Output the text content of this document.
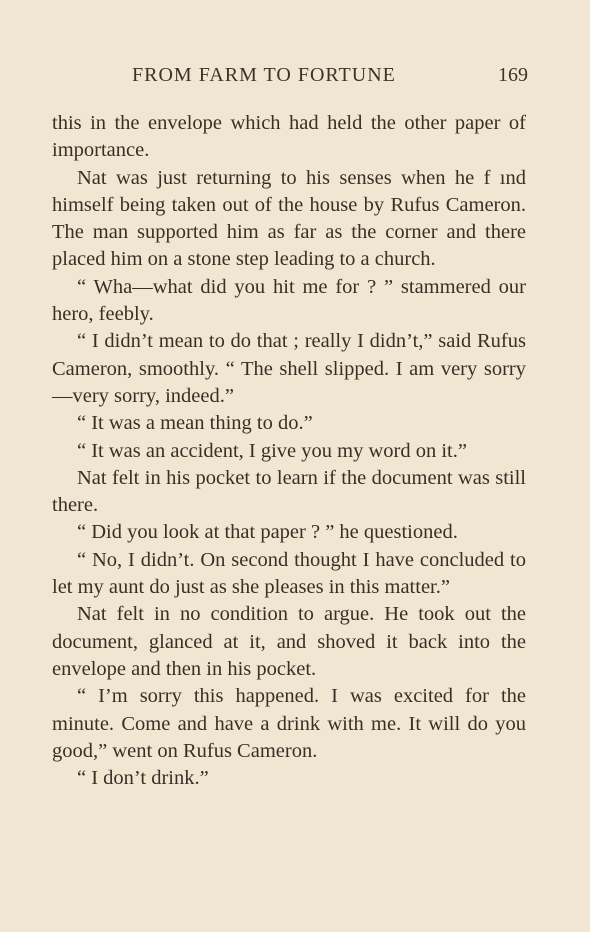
FROM FARM TO FORTUNE	169

this in the envelope which had held the other paper of importance.

Nat was just returning to his senses when he f ınd himself being taken out of the house by Rufus Cameron. The man supported him as far as the corner and there placed him on a stone step leading to a church.

“ Wha—what did you hit me for ? ” stammered our hero, feebly.

“ I didn’t mean to do that ; really I didn’t,” said Rufus Cameron, smoothly. “ The shell slipped. I am very sorry—very sorry, indeed.”

“ It was a mean thing to do.”

“ It was an accident, I give you my word on it.”

Nat felt in his pocket to learn if the document was still there.

“ Did you look at that paper ? ” he questioned.

“ No, I didn’t. On second thought I have concluded to let my aunt do just as she pleases in this matter.”

Nat felt in no condition to argue. He took out the document, glanced at it, and shoved it back into the envelope and then in his pocket.

“ I’m sorry this happened. I was excited for the minute. Come and have a drink with me. It will do you good,” went on Rufus Cameron.

“ I don’t drink.”
